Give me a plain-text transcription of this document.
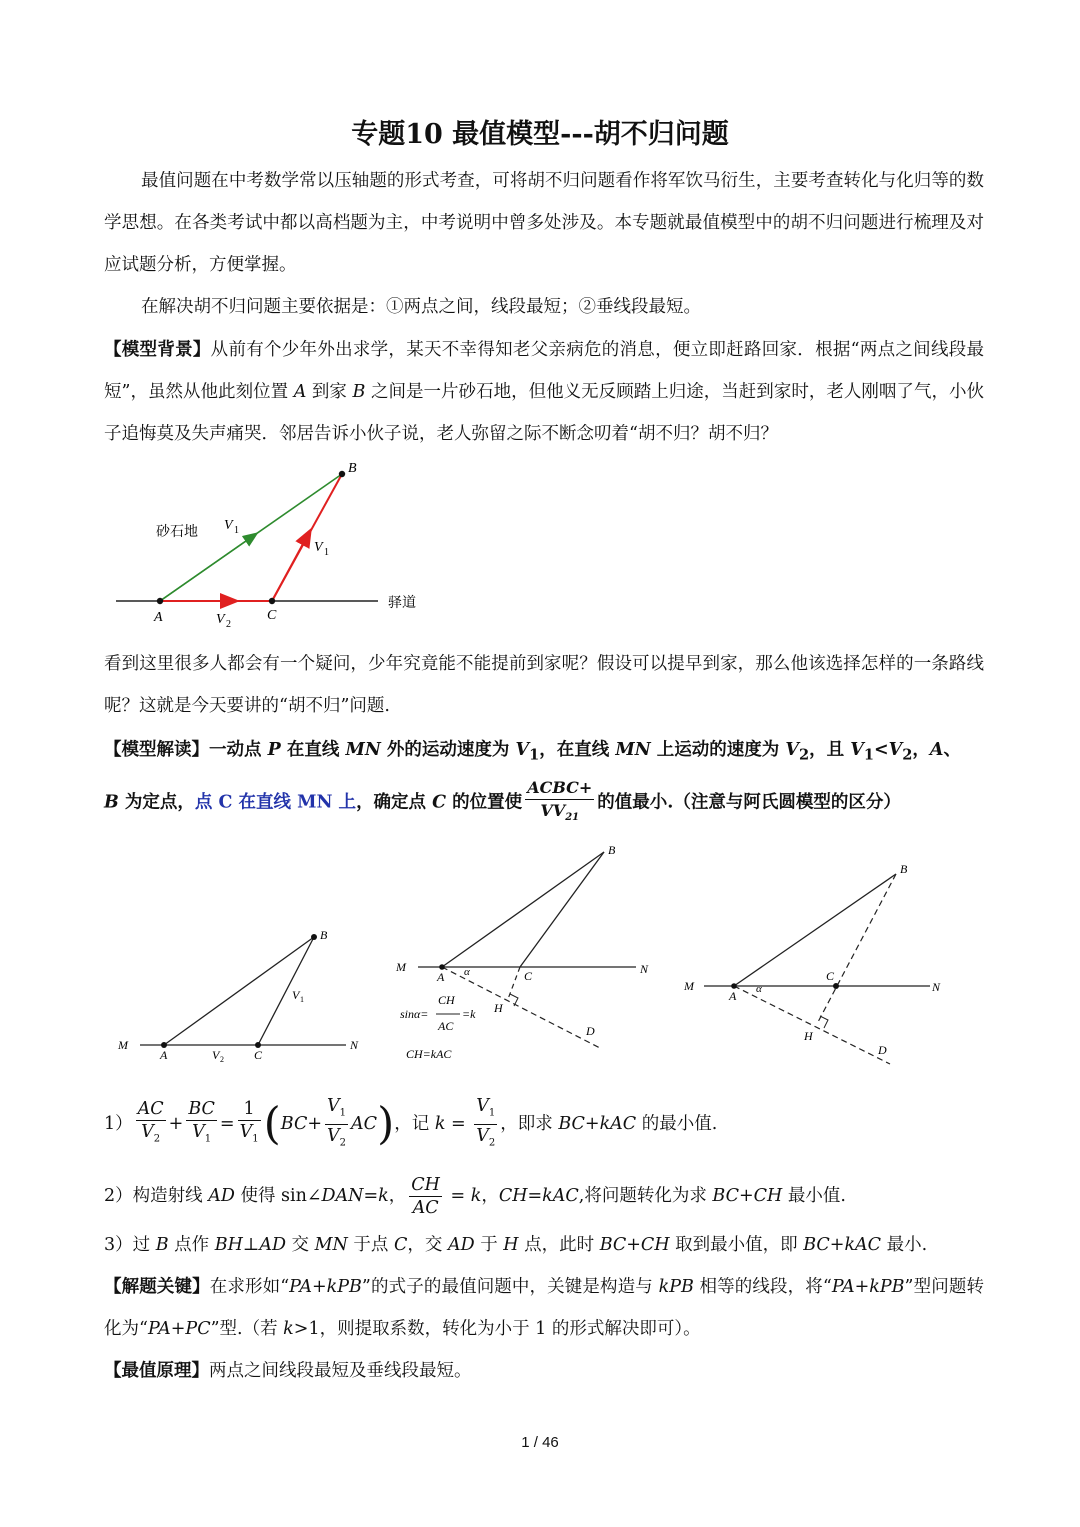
专题10 最值模型---胡不归问题
最值问题在中考数学常以压轴题的形式考查，可将胡不归问题看作将军饮马衍生，主要考查转化与化归等的数学思想。在各类考试中都以高档题为主，中考说明中曾多处涉及。本专题就最值模型中的胡不归问题进行梳理及对应试题分析，方便掌握。
在解决胡不归问题主要依据是：①两点之间，线段最短；②垂线段最短。
【模型背景】从前有个少年外出求学，某天不幸得知老父亲病危的消息，便立即赶路回家．根据“两点之间线段最短”，虽然从他此刻位置 A 到家 B 之间是一片砂石地，但他义无反顾踏上归途，当赶到家时，老人刚咽了气，小伙子追悔莫及失声痛哭．邻居告诉小伙子说，老人弥留之际不断念叨着“胡不归？胡不归？
A	C
B
砂石地
驿道
V 1
V 1
V 2
看到这里很多人都会有一个疑问，少年究竟能不能提前到家呢？假设可以提早到家，那么他该选择怎样的一条路线呢？这就是今天要讲的“胡不归”问题.
【模型解读】一动点 P 在直线 MN 外的运动速度为 $V_1$，在直线 MN 上运动的速度为 $V_2$，且 $V_1<V_2$，A、
B 为定点，点 C 在直线 MN 上，确定点 C 的位置使 $\frac{\text{ACBC+}}{VV_{21}}$ 的值最小.（注意与阿氏圆模型的区分）
M
A	C
N
B
V 1
V 2
M
A α	C	N
B
H
D
sinα=
CH
AC
=k
CH=kAC
M
A α
C
N
B
H
D
$1) \frac{AC}{V_2} + \frac{BC}{V_1} = \frac{1}{V_1} (BC+ \frac{V_1}{V_2} AC)$，记 $k = \frac{V_1}{V_2}$ ，即求 BC+kAC 的最小值.
2）构造射线 AD 使得 sin∠DAN=k， $\frac{CH}{AC} = k$，CH=kAC,将问题转化为求 BC+CH 最小值.
3）过 B 点作 BH⊥AD 交 MN 于点 C，交 AD 于 H 点，此时 BC+CH 取到最小值，即 BC+kAC 最小.
【解题关键】在求形如“PA+kPB”的式子的最值问题中，关键是构造与 kPB 相等的线段，将“PA+kPB”型问题转化为“PA+PC”型.（若 k>1，则提取系数，转化为小于 1 的形式解决即可）。
【最值原理】两点之间线段最短及垂线段最短。
1 / 46
